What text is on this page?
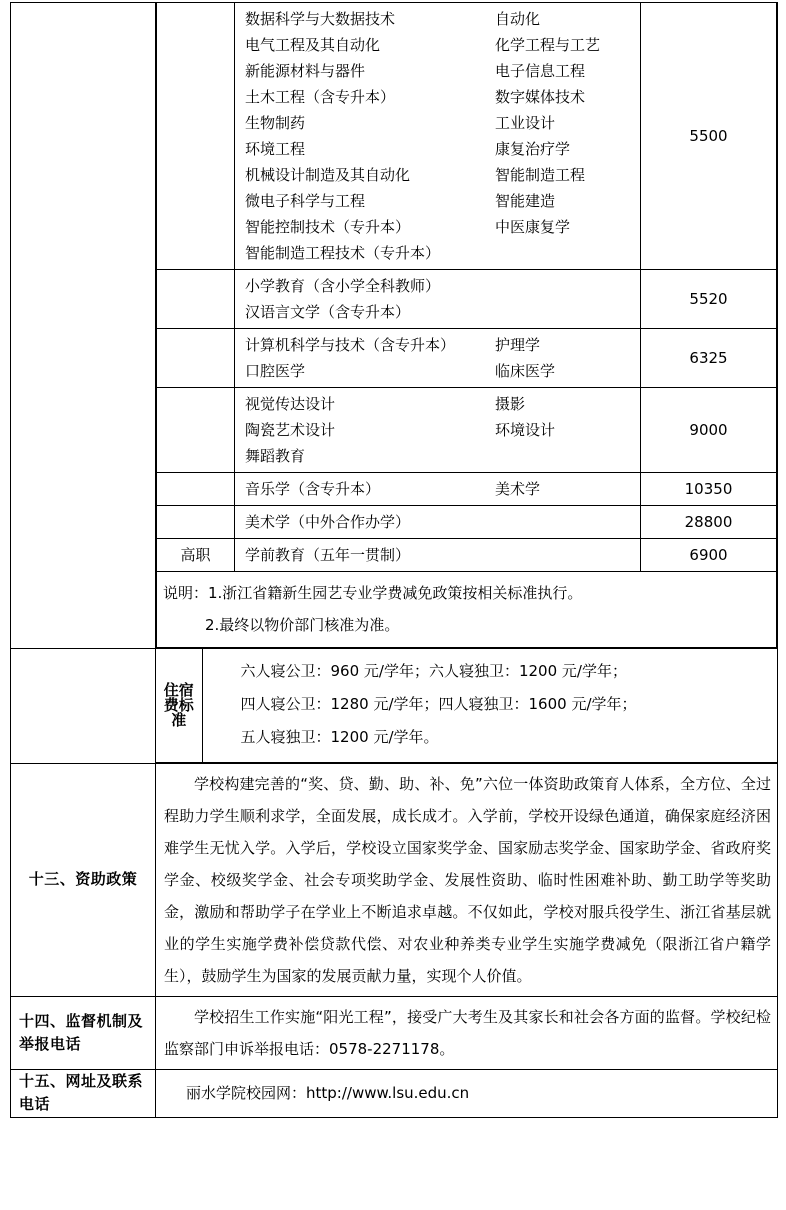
数据科学与大数据技术	自动化
电气工程及其自动化	化学工程与工艺
新能源材料与器件	电子信息工程
土木工程（含专升本）	数字媒体技术
生物制药	工业设计
环境工程	康复治疗学
机械设计制造及其自动化	智能制造工程
微电子科学与工程	智能建造
智能控制技术（专升本）	中医康复学
智能制造工程技术（专升本）
	5500

小学教育（含小学全科教师）
汉语言文学（含专升本）
	5520

计算机科学与技术（含专升本）	护理学
口腔医学	临床医学
	6325

视觉传达设计	摄影
陶瓷艺术设计	环境设计
舞蹈教育
	9000

音乐学（含专升本）	美术学	10350

美术学（中外合作办学）	28800
高职	学前教育（五年一贯制）	6900

说明：1.浙江省籍新生园艺专业学费减免政策按相关标准执行。
2.最终以物价部门核准为准。

住宿
费标
准

六人寝公卫：960 元/学年；六人寝独卫：1200 元/学年；
四人寝公卫：1280 元/学年；四人寝独卫：1600 元/学年；
五人寝独卫：1200 元/学年。

十三、资助政策

学校构建完善的“奖、贷、勤、助、补、免”六位一体资助政策育人体系，全方位、全过程助力学生顺利求学，全面发展，成长成才。入学前，学校开设绿色通道，确保家庭经济困难学生无忧入学。入学后，学校设立国家奖学金、国家励志奖学金、国家助学金、省政府奖学金、校级奖学金、社会专项奖助学金、发展性资助、临时性困难补助、勤工助学等奖助金，激励和帮助学子在学业上不断追求卓越。不仅如此，学校对服兵役学生、浙江省基层就业的学生实施学费补偿贷款代偿、对农业种养类专业学生实施学费减免（限浙江省户籍学生），鼓励学生为国家的发展贡献力量，实现个人价值。

十四、监督机制及
举报电话

学校招生工作实施“阳光工程”，接受广大考生及其家长和社会各方面的监督。学校纪检监察部门申诉举报电话：0578-2271178。

十五、网址及联系
电话

丽水学院校园网：http://www.lsu.edu.cn
